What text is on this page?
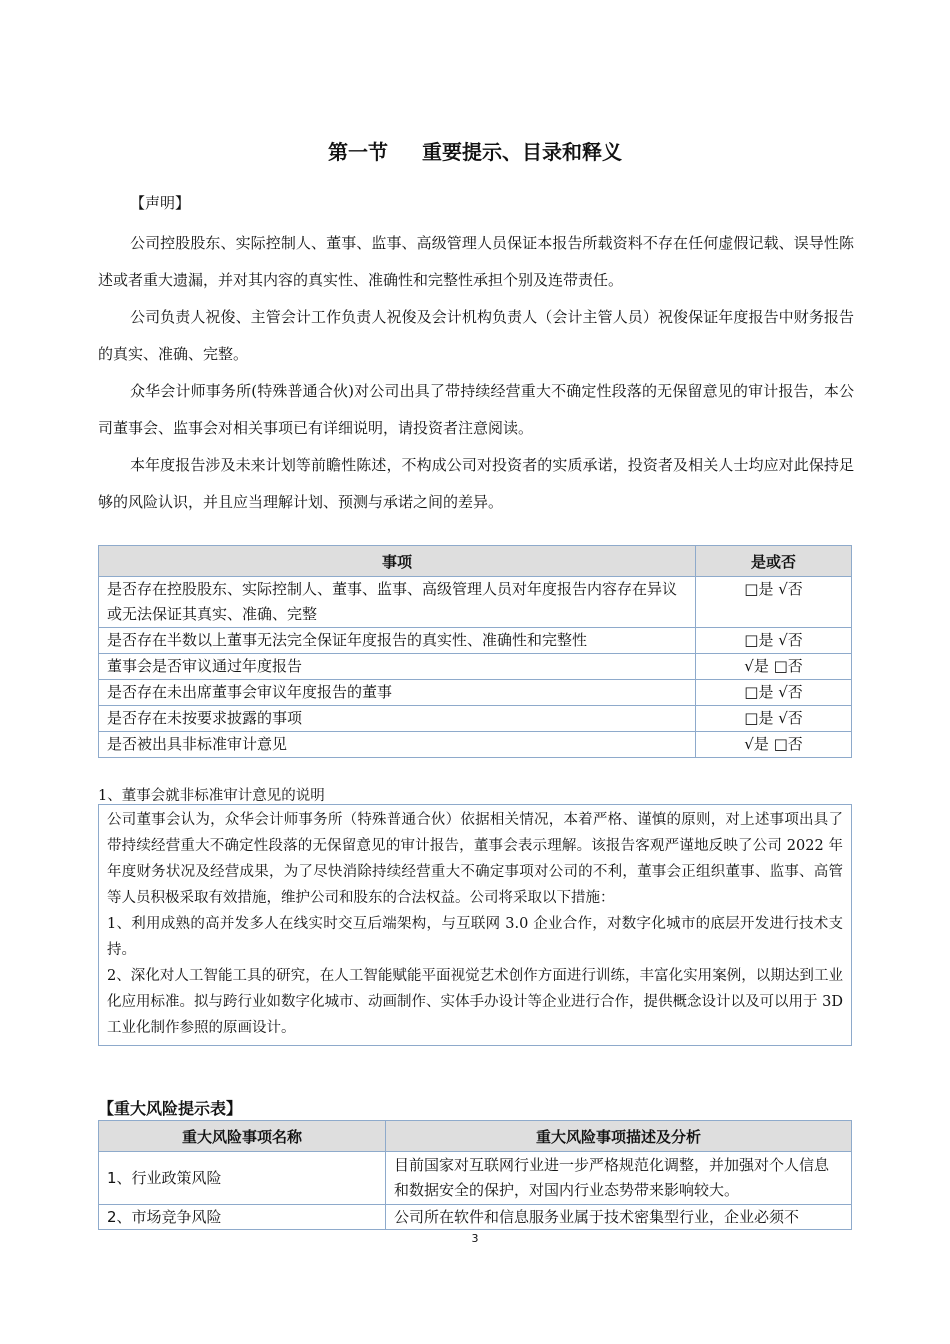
第一节 重要提示、目录和释义
【声明】

公司控股股东、实际控制人、董事、监事、高级管理人员保证本报告所载资料不存在任何虚假记载、误导性陈述或者重大遗漏，并对其内容的真实性、准确性和完整性承担个别及连带责任。

公司负责人祝俊、主管会计工作负责人祝俊及会计机构负责人（会计主管人员）祝俊保证年度报告中财务报告的真实、准确、完整。

众华会计师事务所(特殊普通合伙)对公司出具了带持续经营重大不确定性段落的无保留意见的审计报告，本公司董事会、监事会对相关事项已有详细说明，请投资者注意阅读。

本年度报告涉及未来计划等前瞻性陈述，不构成公司对投资者的实质承诺，投资者及相关人士均应对此保持足够的风险认识，并且应当理解计划、预测与承诺之间的差异。

事项	是或否
是否存在控股股东、实际控制人、董事、监事、高级管理人员对年度报告内容存在异议或无法保证其真实、准确、完整	□是 √否
是否存在半数以上董事无法完全保证年度报告的真实性、准确性和完整性	□是 √否
董事会是否审议通过年度报告	√是 □否
是否存在未出席董事会审议年度报告的董事	□是 √否
是否存在未按要求披露的事项	□是 √否
是否被出具非标准审计意见	√是 □否
1、董事会就非标准审计意见的说明

公司董事会认为，众华会计师事务所（特殊普通合伙）依据相关情况，本着严格、谨慎的原则，对上述事项出具了带持续经营重大不确定性段落的无保留意见的审计报告，董事会表示理解。该报告客观严谨地反映了公司 2022 年年度财务状况及经营成果，为了尽快消除持续经营重大不确定事项对公司的不利，董事会正组织董事、监事、高管等人员积极采取有效措施，维护公司和股东的合法权益。公司将采取以下措施：

1、利用成熟的高并发多人在线实时交互后端架构，与互联网 3.0 企业合作，对数字化城市的底层开发进行技术支持。

2、深化对人工智能工具的研究，在人工智能赋能平面视觉艺术创作方面进行训练，丰富化实用案例，以期达到工业化应用标准。拟与跨行业如数字化城市、动画制作、实体手办设计等企业进行合作，提供概念设计以及可以用于 3D 工业化制作参照的原画设计。

【重大风险提示表】
重大风险事项名称	重大风险事项描述及分析
1、行业政策风险	目前国家对互联网行业进一步严格规范化调整，并加强对个人信息和数据安全的保护，对国内行业态势带来影响较大。

2、市场竞争风险	公司所在软件和信息服务业属于技术密集型行业，企业必须不
3
